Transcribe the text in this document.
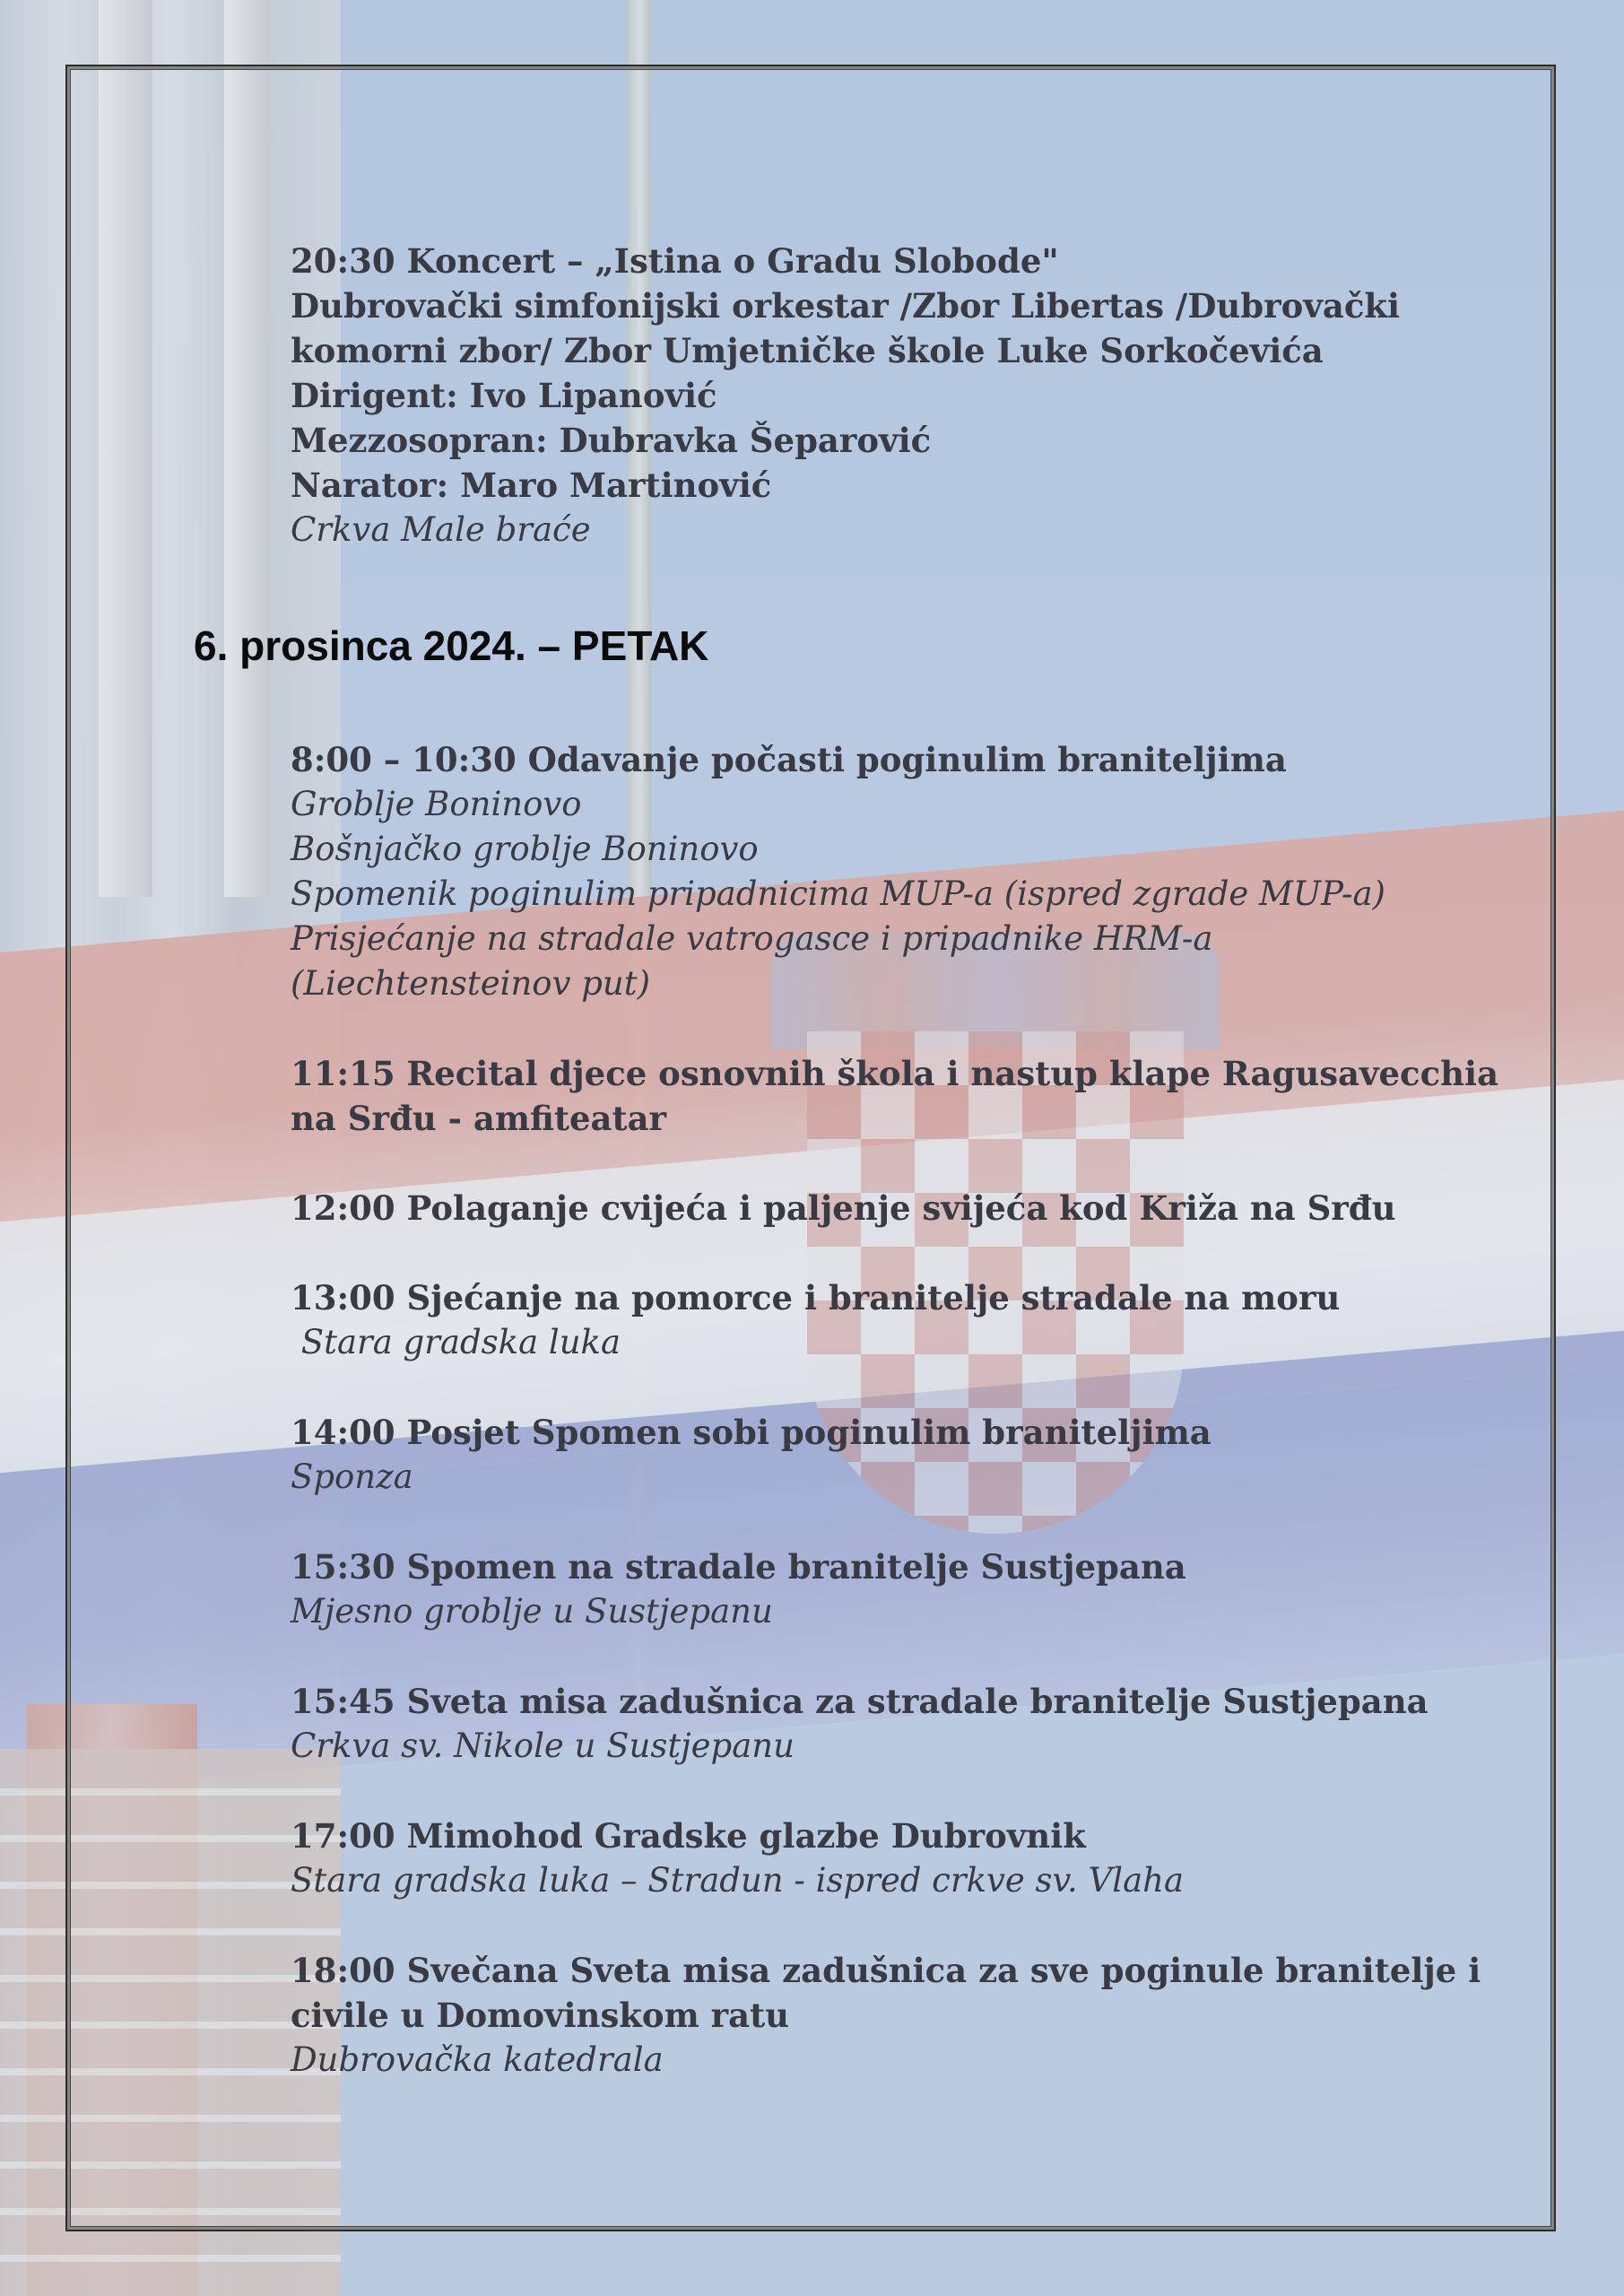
20:30 Koncert – „Istina o Gradu Slobode"
Dubrovački simfonijski orkestar /Zbor Libertas /Dubrovački
komorni zbor/ Zbor Umjetničke škole Luke Sorkočevića
Dirigent: Ivo Lipanović
Mezzosopran: Dubravka Šeparović
Narator: Maro Martinović
Crkva Male braće
6. prosinca 2024. – PETAK
8:00 – 10:30 Odavanje počasti poginulim braniteljima
Groblje Boninovo
Bošnjačko groblje Boninovo
Spomenik poginulim pripadnicima MUP-a (ispred zgrade MUP-a)
Prisjećanje na stradale vatrogasce i pripadnike HRM-a
(Liechtensteinov put)
11:15 Recital djece osnovnih škola i nastup klape Ragusavecchia
na Srđu - amfiteatar
12:00 Polaganje cvijeća i paljenje svijeća kod Križa na Srđu
13:00 Sjećanje na pomorce i branitelje stradale na moru
Stara gradska luka
14:00 Posjet Spomen sobi poginulim braniteljima
Sponza
15:30 Spomen na stradale branitelje Sustjepana
Mjesno groblje u Sustjepanu
15:45 Sveta misa zadušnica za stradale branitelje Sustjepana
Crkva sv. Nikole u Sustjepanu
17:00 Mimohod Gradske glazbe Dubrovnik
Stara gradska luka – Stradun - ispred crkve sv. Vlaha
18:00 Svečana Sveta misa zadušnica za sve poginule branitelje i
civile u Domovinskom ratu
Dubrovačka katedrala
